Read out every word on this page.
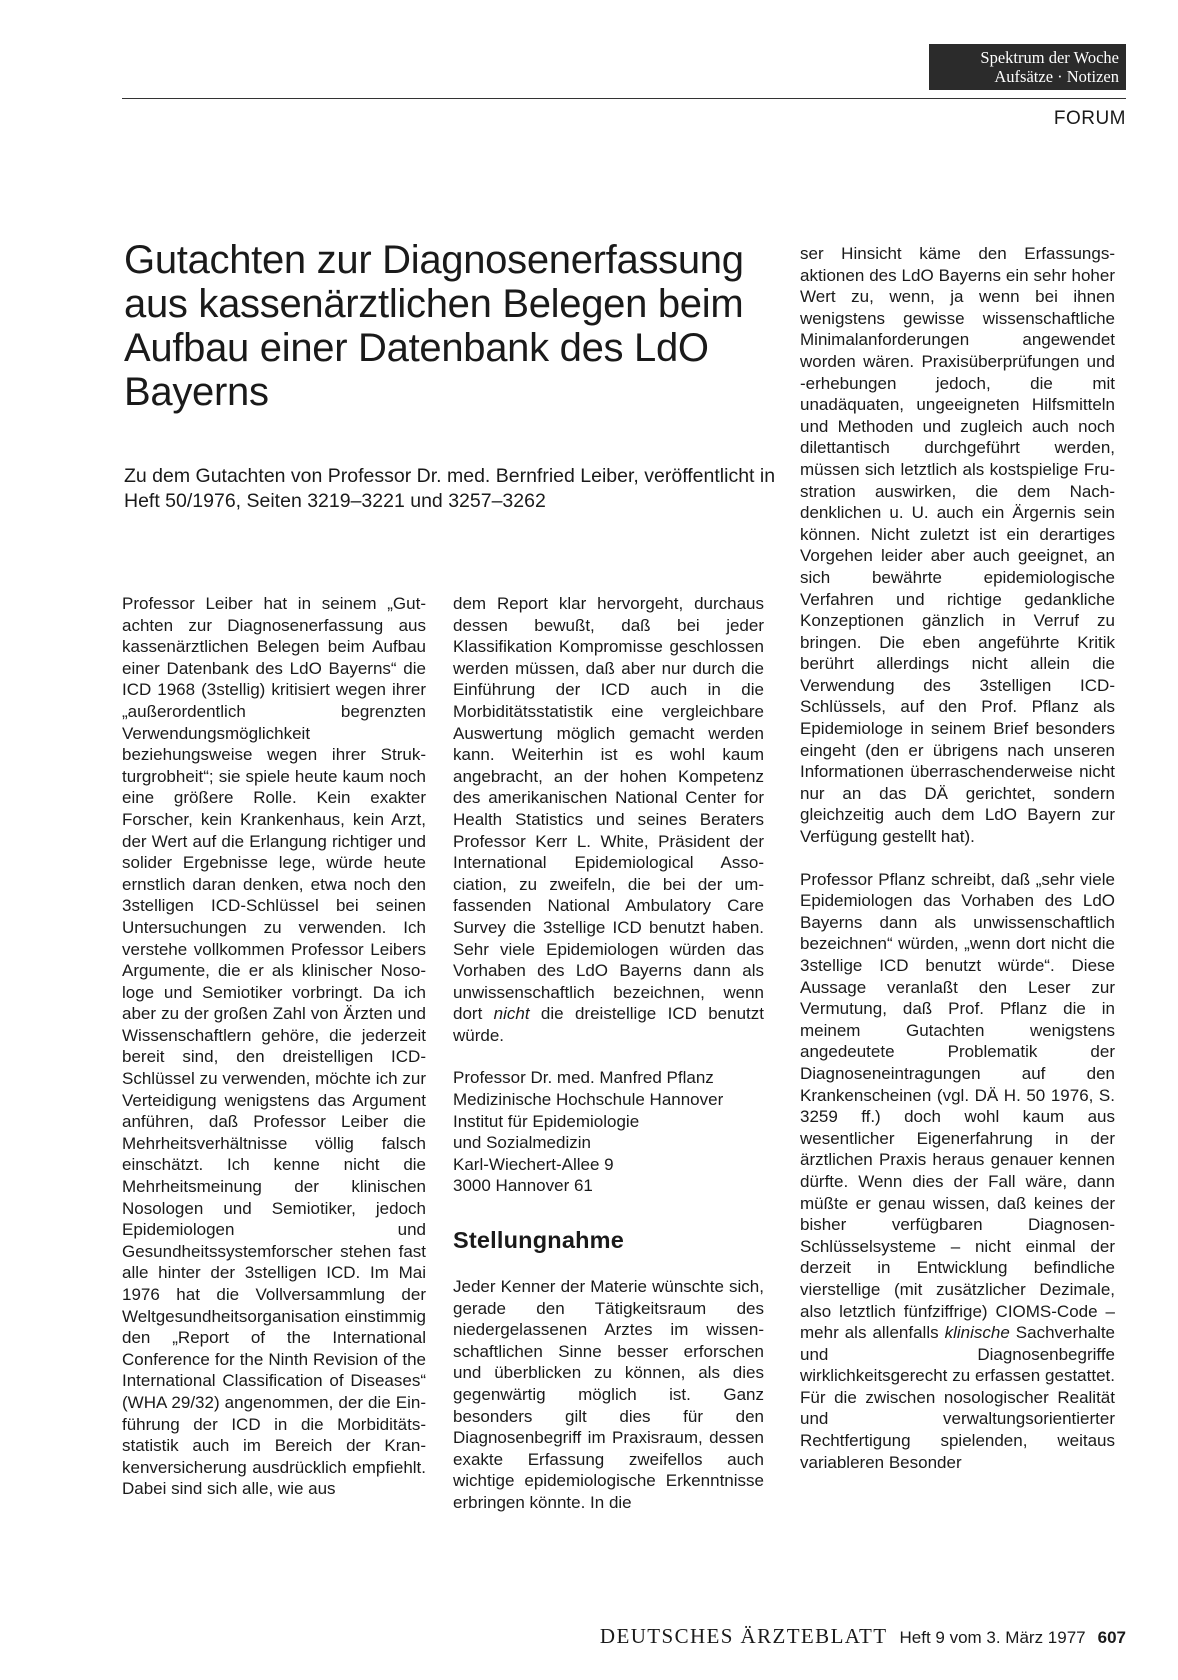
Spektrum der Woche
Aufsätze · Notizen
FORUM
Gutachten zur Diagnosenerfassung aus kassenärztlichen Belegen beim Aufbau einer Datenbank des LdO Bayerns
Zu dem Gutachten von Professor Dr. med. Bernfried Leiber, veröffentlicht in Heft 50/1976, Seiten 3219–3221 und 3257–3262

Professor Leiber hat in seinem „Gutachten zur Diagnosenerfassung aus kassenärztlichen Belegen beim Aufbau einer Datenbank des LdO Bayerns“ die ICD 1968 (3stellig) kritisiert wegen ihrer „außerordentlich begrenzten Verwendungsmöglichkeit beziehungsweise wegen ihrer Strukturgrobheit“; sie spiele heute kaum noch eine größere Rolle. Kein exakter Forscher, kein Krankenhaus, kein Arzt, der Wert auf die Erlangung richtiger und solider Ergebnisse lege, würde heute ernstlich daran denken, etwa noch den 3stelligen ICD-Schlüssel bei seinen Untersuchungen zu verwenden. Ich verstehe vollkommen Professor Leibers Argumente, die er als klinischer Nosologe und Semiotiker vorbringt. Da ich aber zu der großen Zahl von Ärzten und Wissenschaftlern gehöre, die jederzeit bereit sind, den dreistelligen ICD-Schlüssel zu verwenden, möchte ich zur Verteidigung wenigstens das Argument anführen, daß Professor Leiber die Mehrheitsverhältnisse völlig falsch einschätzt. Ich kenne nicht die Mehrheitsmeinung der klinischen Nosologen und Semiotiker, jedoch Epidemiologen und Gesundheitssystemforscher stehen fast alle hinter der 3stelligen ICD. Im Mai 1976 hat die Vollversammlung der Weltgesundheitsorganisation einstimmig den „Report of the International Conference for the Ninth Revision of the International Classification of Diseases“ (WHA 29/32) angenommen, der die Einführung der ICD in die Morbiditätsstatistik auch im Bereich der Krankenversicherung ausdrücklich empfiehlt. Dabei sind sich alle, wie aus

dem Report klar hervorgeht, durchaus dessen bewußt, daß bei jeder Klassifikation Kompromisse geschlossen werden müssen, daß aber nur durch die Einführung der ICD auch in die Morbiditätsstatistik eine vergleichbare Auswertung möglich gemacht werden kann. Weiterhin ist es wohl kaum angebracht, an der hohen Kompetenz des amerikanischen National Center for Health Statistics und seines Beraters Professor Kerr L. White, Präsident der International Epidemiological Association, zu zweifeln, die bei der umfassenden National Ambulatory Care Survey die 3stellige ICD benutzt haben. Sehr viele Epidemiologen würden das Vorhaben des LdO Bayerns dann als unwissenschaftlich bezeichnen, wenn dort nicht die dreistellige ICD benutzt würde.

Professor Dr. med. Manfred Pflanz
Medizinische Hochschule Hannover
Institut für Epidemiologie
und Sozialmedizin
Karl-Wiechert-Allee 9
3000 Hannover 61
Stellungnahme

Jeder Kenner der Materie wünschte sich, gerade den Tätigkeitsraum des niedergelassenen Arztes im wissenschaftlichen Sinne besser erforschen und überblicken zu können, als dies gegenwärtig möglich ist. Ganz besonders gilt dies für den Diagnosenbegriff im Praxisraum, dessen exakte Erfassung zweifellos auch wichtige epidemiologische Erkenntnisse erbringen könnte. In die

ser Hinsicht käme den Erfassungsaktionen des LdO Bayerns ein sehr hoher Wert zu, wenn, ja wenn bei ihnen wenigstens gewisse wissenschaftliche Minimalanforderungen angewendet worden wären. Praxisüberprüfungen und -erhebungen jedoch, die mit unadäquaten, ungeeigneten Hilfsmitteln und Methoden und zugleich auch noch dilettantisch durchgeführt werden, müssen sich letztlich als kostspielige Frustration auswirken, die dem Nachdenklichen u. U. auch ein Ärgernis sein können. Nicht zuletzt ist ein derartiges Vorgehen leider aber auch geeignet, an sich bewährte epidemiologische Verfahren und richtige gedankliche Konzeptionen gänzlich in Verruf zu bringen. Die eben angeführte Kritik berührt allerdings nicht allein die Verwendung des 3stelligen ICD-Schlüssels, auf den Prof. Pflanz als Epidemiologe in seinem Brief besonders eingeht (den er übrigens nach unseren Informationen überraschenderweise nicht nur an das DÄ gerichtet, sondern gleichzeitig auch dem LdO Bayern zur Verfügung gestellt hat).

Professor Pflanz schreibt, daß „sehr viele Epidemiologen das Vorhaben des LdO Bayerns dann als unwissenschaftlich bezeichnen“ würden, „wenn dort nicht die 3stellige ICD benutzt würde“. Diese Aussage veranlaßt den Leser zur Vermutung, daß Prof. Pflanz die in meinem Gutachten wenigstens angedeutete Problematik der Diagnoseneintragungen auf den Krankenscheinen (vgl. DÄ H. 50 1976, S. 3259 ff.) doch wohl kaum aus wesentlicher Eigenerfahrung in der ärztlichen Praxis heraus genauer kennen dürfte. Wenn dies der Fall wäre, dann müßte er genau wissen, daß keines der bisher verfügbaren Diagnosen-Schlüsselsysteme – nicht einmal der derzeit in Entwicklung befindliche vierstellige (mit zusätzlicher Dezimale, also letztlich fünfziffrige) CIOMS-Code – mehr als allenfalls klinische Sachverhalte und Diagnosenbegriffe wirklichkeitsgerecht zu erfassen gestattet. Für die zwischen nosologischer Realität und verwaltungsorientierter Rechtfertigung spielenden, weitaus variableren Besonder

DEUTSCHES ÄRZTEBLATT Heft 9 vom 3. März 1977 607
